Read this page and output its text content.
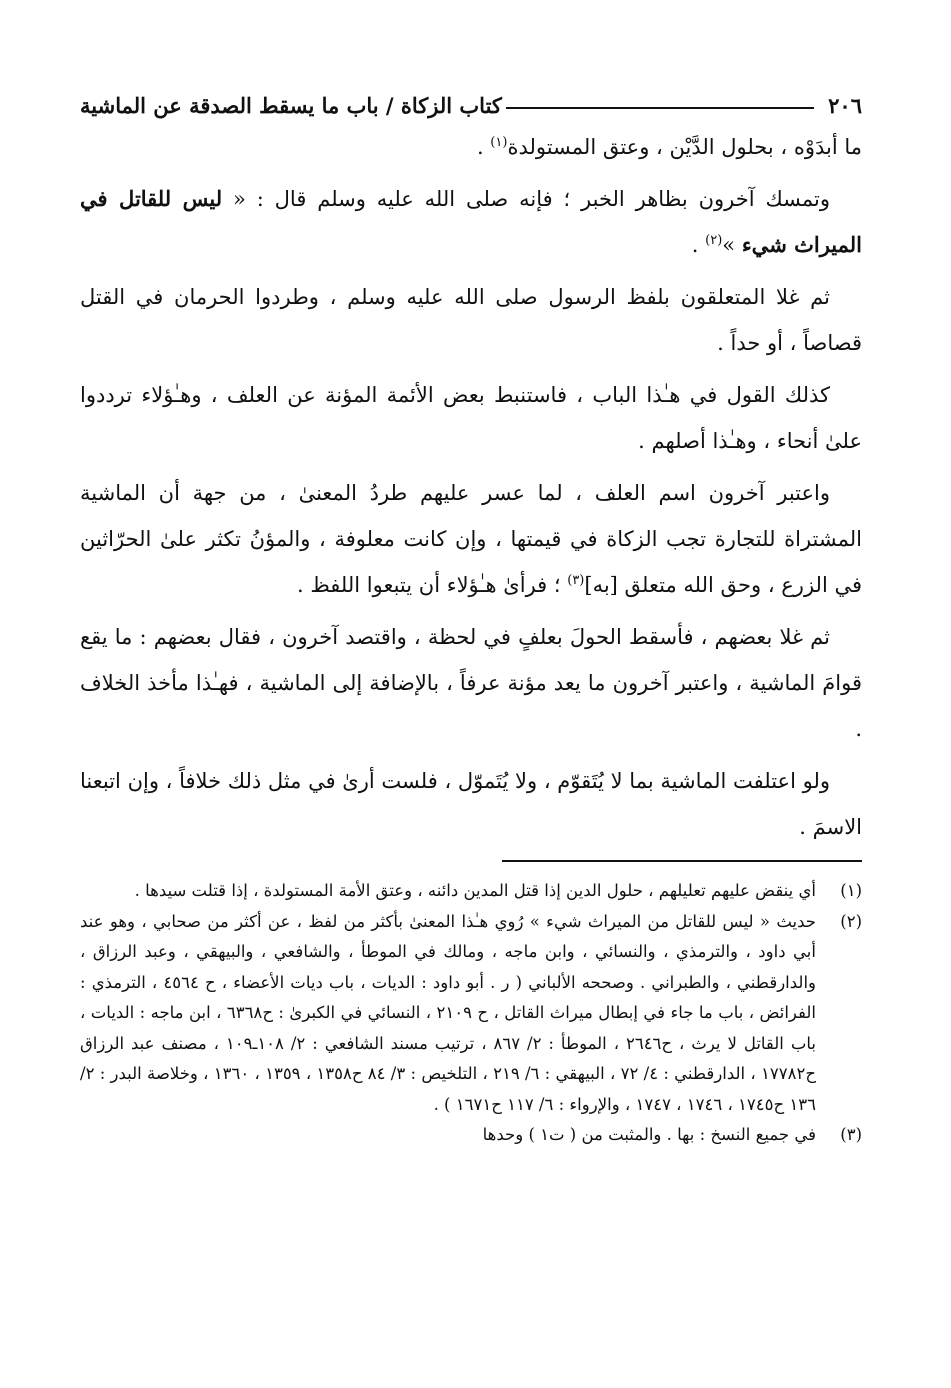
٢٠٦
كتاب الزكاة / باب ما يسقط الصدقة عن الماشية

ما أبدَوْه ، بحلول الدَّيْن ، وعتق المستولدة$^{(١)}$ .

وتمسك آخرون بظاهر الخبر ؛ فإنه صلى الله عليه وسلم قال : « ليس للقاتل في الميراث شيء »$^{(٢)}$ .

ثم غلا المتعلقون بلفظ الرسول صلى الله عليه وسلم ، وطردوا الحرمان في القتل قصاصاً ، أو حداً .

كذلك القول في هـٰذا الباب ، فاستنبط بعض الأئمة المؤنة عن العلف ، وهـٰؤلاء ترددوا علىٰ أنحاء ، وهـٰذا أصلهم .

واعتبر آخرون اسم العلف ، لما عسر عليهم طردُ المعنىٰ ، من جهة أن الماشية المشتراة للتجارة تجب الزكاة في قيمتها ، وإن كانت معلوفة ، والمؤنُ تكثر علىٰ الحرّاثين في الزرع ، وحق الله متعلق [به]$^{(٣)}$ ؛ فرأىٰ هـٰؤلاء أن يتبعوا اللفظ .

ثم غلا بعضهم ، فأسقط الحولَ بعلفٍ في لحظة ، واقتصد آخرون ، فقال بعضهم : ما يقع قوامَ الماشية ، واعتبر آخرون ما يعد مؤنة عرفاً ، بالإضافة إلى الماشية ، فهـٰذا مأخذ الخلاف .

ولو اعتلفت الماشية بما لا يُتَقوّم ، ولا يُتَموّل ، فلست أرىٰ في مثل ذلك خلافاً ، وإن اتبعنا الاسمَ .

(١)
أي ينقض عليهم تعليلهم ، حلول الدين إذا قتل المدين دائنه ، وعتق الأمة المستولدة ، إذا قتلت سيدها .
(٢)
حديث « ليس للقاتل من الميراث شيء » رُوي هـٰذا المعنىٰ بأكثر من لفظ ، عن أكثر من صحابي ، وهو عند أبي داود ، والترمذي ، والنسائي ، وابن ماجه ، ومالك في الموطأ ، والشافعي ، والبيهقي ، وعبد الرزاق ، والدارقطني ، والطبراني . وصححه الألباني ( ر . أبو داود : الديات ، باب ديات الأعضاء ، ح ٤٥٦٤ ، الترمذي : الفرائض ، باب ما جاء في إبطال ميراث القاتل ، ح ٢١٠٩ ، النسائي في الكبرىٰ : ح٦٣٦٨ ، ابن ماجه : الديات ، باب القاتل لا يرث ، ح٢٦٤٦ ، الموطأ : ٢/ ٨٦٧ ، ترتيب مسند الشافعي : ٢/ ١٠٨ـ١٠٩ ، مصنف عبد الرزاق ح١٧٧٨٢ ، الدارقطني : ٤/ ٧٢ ، البيهقي : ٦/ ٢١٩ ، التلخيص : ٣/ ٨٤ ح١٣٥٨ ، ١٣٥٩ ، ١٣٦٠ ، وخلاصة البدر : ٢/ ١٣٦ ح١٧٤٥ ، ١٧٤٦ ، ١٧٤٧ ، والإرواء : ٦/ ١١٧ ح١٦٧١ ) .
(٣)
في جميع النسخ : بها . والمثبت من ( ت١ ) وحدها
